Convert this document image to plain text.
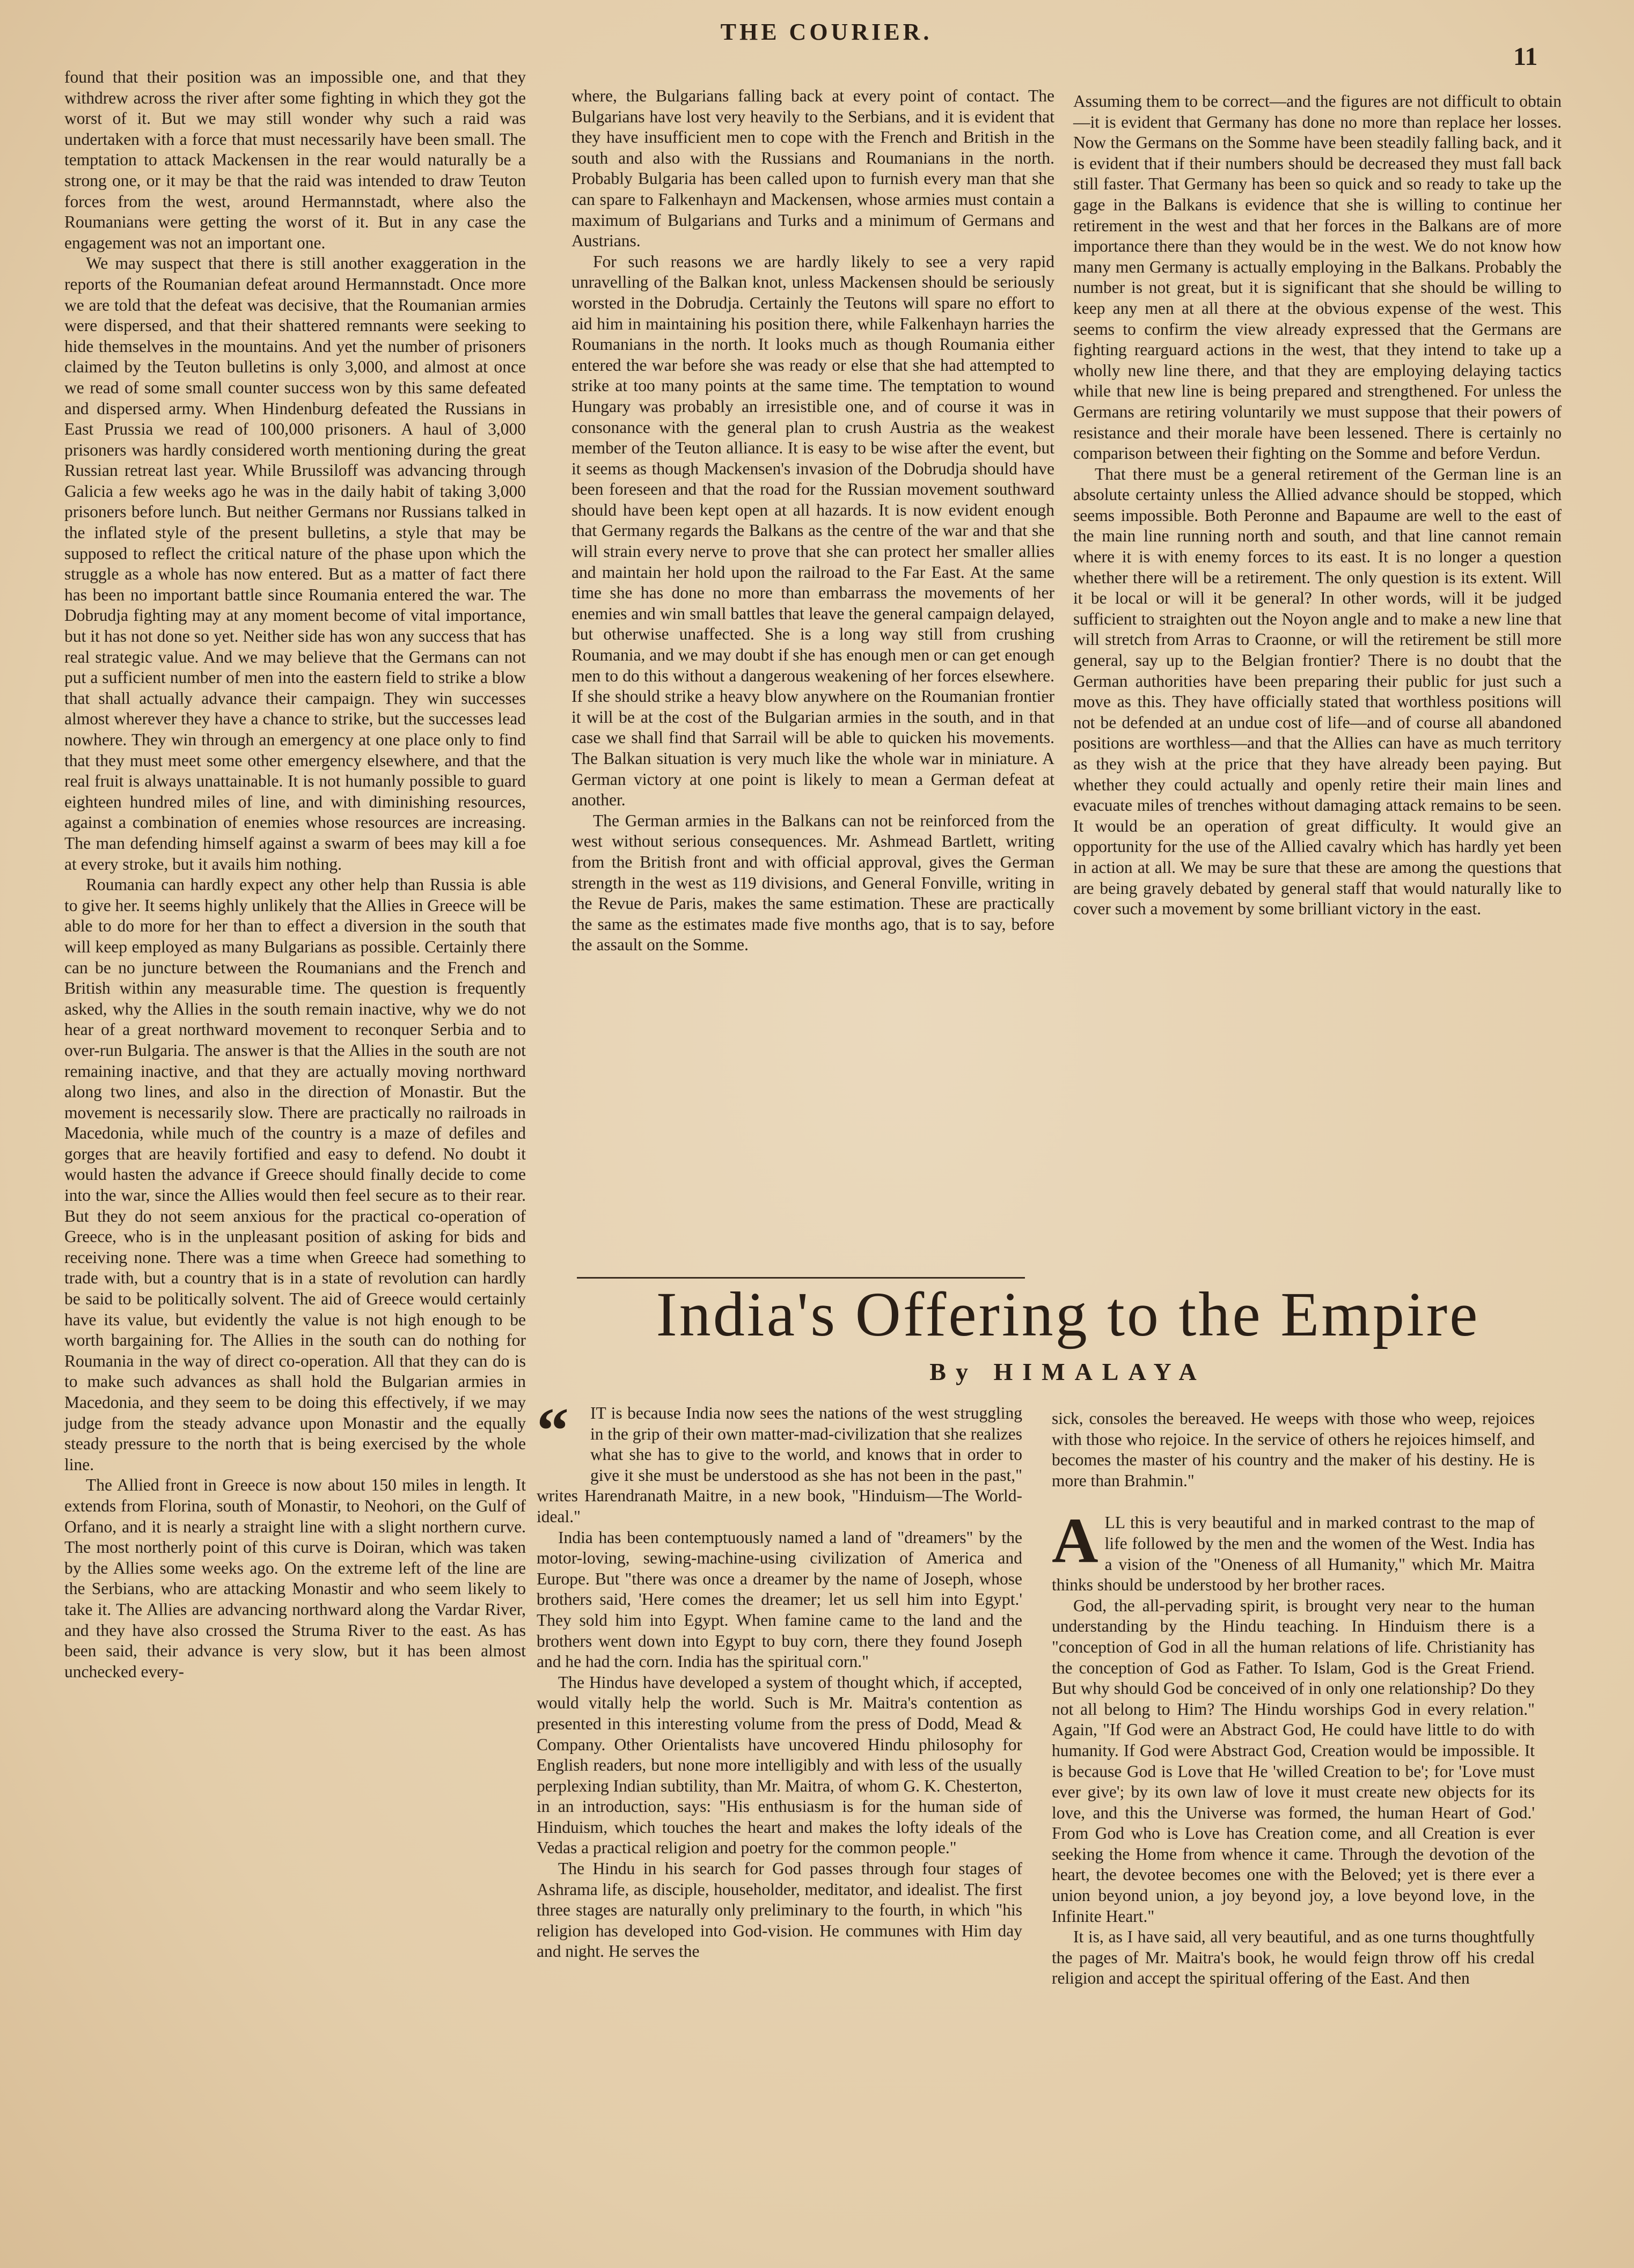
THE COURIER.
11

found that their position was an impossible one, and that they withdrew across the river after some fighting in which they got the worst of it. But we may still wonder why such a raid was undertaken with a force that must necessarily have been small. The temptation to attack Mackensen in the rear would naturally be a strong one, or it may be that the raid was intended to draw Teuton forces from the west, around Hermannstadt, where also the Roumanians were getting the worst of it. But in any case the engagement was not an important one.

We may suspect that there is still another exaggeration in the reports of the Roumanian defeat around Hermannstadt. Once more we are told that the defeat was decisive, that the Roumanian armies were dispersed, and that their shattered remnants were seeking to hide themselves in the mountains. And yet the number of prisoners claimed by the Teuton bulletins is only 3,000, and almost at once we read of some small counter success won by this same defeated and dispersed army. When Hindenburg defeated the Russians in East Prussia we read of 100,000 prisoners. A haul of 3,000 prisoners was hardly considered worth mentioning during the great Russian retreat last year. While Brussiloff was advancing through Galicia a few weeks ago he was in the daily habit of taking 3,000 prisoners before lunch. But neither Germans nor Russians talked in the inflated style of the present bulletins, a style that may be supposed to reflect the critical nature of the phase upon which the struggle as a whole has now entered. But as a matter of fact there has been no important battle since Roumania entered the war. The Dobrudja fighting may at any moment become of vital importance, but it has not done so yet. Neither side has won any success that has real strategic value. And we may believe that the Germans can not put a sufficient number of men into the eastern field to strike a blow that shall actually advance their campaign. They win successes almost wherever they have a chance to strike, but the successes lead nowhere. They win through an emergency at one place only to find that they must meet some other emergency elsewhere, and that the real fruit is always unattainable. It is not humanly possible to guard eighteen hundred miles of line, and with diminishing resources, against a combination of enemies whose resources are increasing. The man defending himself against a swarm of bees may kill a foe at every stroke, but it avails him nothing.

Roumania can hardly expect any other help than Russia is able to give her. It seems highly unlikely that the Allies in Greece will be able to do more for her than to effect a diversion in the south that will keep employed as many Bulgarians as possible. Certainly there can be no juncture between the Roumanians and the French and British within any measurable time. The question is frequently asked, why the Allies in the south remain inactive, why we do not hear of a great northward movement to reconquer Serbia and to over-run Bulgaria. The answer is that the Allies in the south are not remaining inactive, and that they are actually moving northward along two lines, and also in the direction of Monastir. But the movement is necessarily slow. There are practically no railroads in Macedonia, while much of the country is a maze of defiles and gorges that are heavily fortified and easy to defend. No doubt it would hasten the advance if Greece should finally decide to come into the war, since the Allies would then feel secure as to their rear. But they do not seem anxious for the practical co-operation of Greece, who is in the unpleasant position of asking for bids and receiving none. There was a time when Greece had something to trade with, but a country that is in a state of revolution can hardly be said to be politically solvent. The aid of Greece would certainly have its value, but evidently the value is not high enough to be worth bargaining for. The Allies in the south can do nothing for Roumania in the way of direct co-operation. All that they can do is to make such advances as shall hold the Bulgarian armies in Macedonia, and they seem to be doing this effectively, if we may judge from the steady advance upon Monastir and the equally steady pressure to the north that is being exercised by the whole line.

The Allied front in Greece is now about 150 miles in length. It extends from Florina, south of Monastir, to Neohori, on the Gulf of Orfano, and it is nearly a straight line with a slight northern curve. The most northerly point of this curve is Doiran, which was taken by the Allies some weeks ago. On the extreme left of the line are the Serbians, who are attacking Monastir and who seem likely to take it. The Allies are advancing northward along the Vardar River, and they have also crossed the Struma River to the east. As has been said, their advance is very slow, but it has been almost unchecked every-

where, the Bulgarians falling back at every point of contact. The Bulgarians have lost very heavily to the Serbians, and it is evident that they have insufficient men to cope with the French and British in the south and also with the Russians and Roumanians in the north. Probably Bulgaria has been called upon to furnish every man that she can spare to Falkenhayn and Mackensen, whose armies must contain a maximum of Bulgarians and Turks and a minimum of Germans and Austrians.

For such reasons we are hardly likely to see a very rapid unravelling of the Balkan knot, unless Mackensen should be seriously worsted in the Dobrudja. Certainly the Teutons will spare no effort to aid him in maintaining his position there, while Falkenhayn harries the Roumanians in the north. It looks much as though Roumania either entered the war before she was ready or else that she had attempted to strike at too many points at the same time. The temptation to wound Hungary was probably an irresistible one, and of course it was in consonance with the general plan to crush Austria as the weakest member of the Teuton alliance. It is easy to be wise after the event, but it seems as though Mackensen's invasion of the Dobrudja should have been foreseen and that the road for the Russian movement southward should have been kept open at all hazards. It is now evident enough that Germany regards the Balkans as the centre of the war and that she will strain every nerve to prove that she can protect her smaller allies and maintain her hold upon the railroad to the Far East. At the same time she has done no more than embarrass the movements of her enemies and win small battles that leave the general campaign delayed, but otherwise unaffected. She is a long way still from crushing Roumania, and we may doubt if she has enough men or can get enough men to do this without a dangerous weakening of her forces elsewhere. If she should strike a heavy blow anywhere on the Roumanian frontier it will be at the cost of the Bulgarian armies in the south, and in that case we shall find that Sarrail will be able to quicken his movements. The Balkan situation is very much like the whole war in miniature. A German victory at one point is likely to mean a German defeat at another.

The German armies in the Balkans can not be reinforced from the west without serious consequences. Mr. Ashmead Bartlett, writing from the British front and with official approval, gives the German strength in the west as 119 divisions, and General Fonville, writing in the Revue de Paris, makes the same estimation. These are practically the same as the estimates made five months ago, that is to say, before the assault on the Somme.

Assuming them to be correct—and the figures are not difficult to obtain—it is evident that Germany has done no more than replace her losses. Now the Germans on the Somme have been steadily falling back, and it is evident that if their numbers should be decreased they must fall back still faster. That Germany has been so quick and so ready to take up the gage in the Balkans is evidence that she is willing to continue her retirement in the west and that her forces in the Balkans are of more importance there than they would be in the west. We do not know how many men Germany is actually employing in the Balkans. Probably the number is not great, but it is significant that she should be willing to keep any men at all there at the obvious expense of the west. This seems to confirm the view already expressed that the Germans are fighting rearguard actions in the west, that they intend to take up a wholly new line there, and that they are employing delaying tactics while that new line is being prepared and strengthened. For unless the Germans are retiring voluntarily we must suppose that their powers of resistance and their morale have been lessened. There is certainly no comparison between their fighting on the Somme and before Verdun.

That there must be a general retirement of the German line is an absolute certainty unless the Allied advance should be stopped, which seems impossible. Both Peronne and Bapaume are well to the east of the main line running north and south, and that line cannot remain where it is with enemy forces to its east. It is no longer a question whether there will be a retirement. The only question is its extent. Will it be local or will it be general? In other words, will it be judged sufficient to straighten out the Noyon angle and to make a new line that will stretch from Arras to Craonne, or will the retirement be still more general, say up to the Belgian frontier? There is no doubt that the German authorities have been preparing their public for just such a move as this. They have officially stated that worthless positions will not be defended at an undue cost of life—and of course all abandoned positions are worthless—and that the Allies can have as much territory as they wish at the price that they have already been paying. But whether they could actually and openly retire their main lines and evacuate miles of trenches without damaging attack remains to be seen. It would be an operation of great difficulty. It would give an opportunity for the use of the Allied cavalry which has hardly yet been in action at all. We may be sure that these are among the questions that are being gravely debated by general staff that would naturally like to cover such a movement by some brilliant victory in the east.

India's Offering to the Empire
By HIMALAYA

“	IT is because India now sees the nations of the west struggling in the grip of their own matter-mad-civilization that she realizes what she has to give to the world, and knows that in order to give it she must be understood as she has not been in the past," writes Harendranath Maitre, in a new book, "Hinduism—The World-ideal."

India has been contemptuously named a land of "dreamers" by the motor-loving, sewing-machine-using civilization of America and Europe. But "there was once a dreamer by the name of Joseph, whose brothers said, 'Here comes the dreamer; let us sell him into Egypt.' They sold him into Egypt. When famine came to the land and the brothers went down into Egypt to buy corn, there they found Joseph and he had the corn. India has the spiritual corn."

The Hindus have developed a system of thought which, if accepted, would vitally help the world. Such is Mr. Maitra's contention as presented in this interesting volume from the press of Dodd, Mead & Company. Other Orientalists have uncovered Hindu philosophy for English readers, but none more intelligibly and with less of the usually perplexing Indian subtility, than Mr. Maitra, of whom G. K. Chesterton, in an introduction, says: "His enthusiasm is for the human side of Hinduism, which touches the heart and makes the lofty ideals of the Vedas a practical religion and poetry for the common people."

The Hindu in his search for God passes through four stages of Ashrama life, as disciple, householder, meditator, and idealist. The first three stages are naturally only preliminary to the fourth, in which "his religion has developed into God-vision. He communes with Him day and night. He serves the

sick, consoles the bereaved. He weeps with those who weep, rejoices with those who rejoice. In the service of others he rejoices himself, and becomes the master of his country and the maker of his destiny. He is more than Brahmin."

ALL this is very beautiful and in marked contrast to the map of life followed by the men and the women of the West. India has a vision of the "Oneness of all Humanity," which Mr. Maitra thinks should be understood by her brother races.

God, the all-pervading spirit, is brought very near to the human understanding by the Hindu teaching. In Hinduism there is a "conception of God in all the human relations of life. Christianity has the conception of God as Father. To Islam, God is the Great Friend. But why should God be conceived of in only one relationship? Do they not all belong to Him? The Hindu worships God in every relation." Again, "If God were an Abstract God, He could have little to do with humanity. If God were Abstract God, Creation would be impossible. It is because God is Love that He 'willed Creation to be'; for 'Love must ever give'; by its own law of love it must create new objects for its love, and this the Universe was formed, the human Heart of God.' From God who is Love has Creation come, and all Creation is ever seeking the Home from whence it came. Through the devotion of the heart, the devotee becomes one with the Beloved; yet is there ever a union beyond union, a joy beyond joy, a love beyond love, in the Infinite Heart."

It is, as I have said, all very beautiful, and as one turns thoughtfully the pages of Mr. Maitra's book, he would feign throw off his credal religion and accept the spiritual offering of the East. And then
